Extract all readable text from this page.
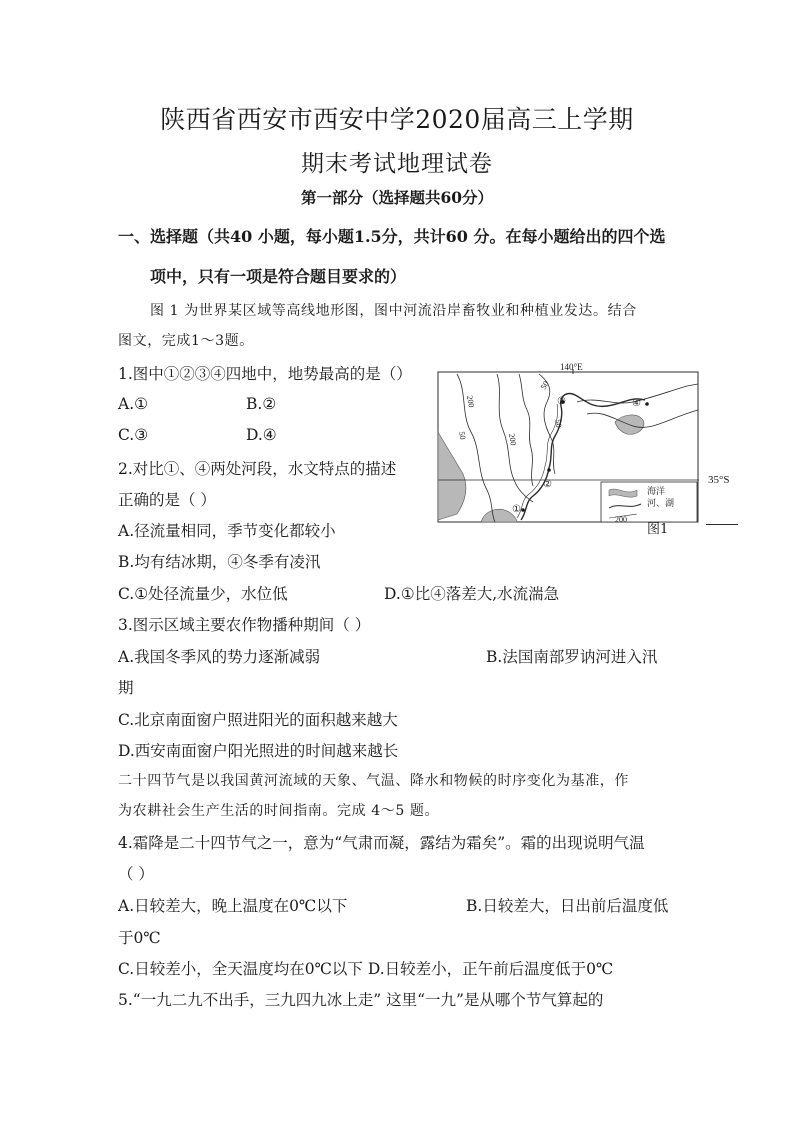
陕西省西安市西安中学2020届高三上学期
期末考试地理试卷
第一部分（选择题共60分）
一、选择题（共40 小题，每小题1.5分，共计60 分。在每小题给出的四个选
项中，只有一项是符合题目要求的）
图 1 为世界某区域等高线地形图，图中河流沿岸畜牧业和种植业发达。结合
图文，完成1～3题。
1.图中①②③④四地中，地势最高的是（）
A.①	B.②
C.③	D.④
2.对比①、④两处河段，水文特点的描述
正确的是（ ）
A.径流量相同，季节变化都较小
B.均有结冰期，④冬季有凌汛
C.①处径流量少，水位低	D.①比④落差大,水流湍急
3.图示区域主要农作物播种期间（ ）
A.我国冬季风的势力逐渐减弱	B.法国南部罗讷河进入汛
期
C.北京南面窗户照进阳光的面积越来越大
D.西安南面窗户阳光照进的时间越来越长
二十四节气是以我国黄河流域的天象、气温、降水和物候的时序变化为基准，作
为农耕社会生产生活的时间指南。完成 4～5 题。
4.霜降是二十四节气之一，意为“气肃而凝，露结为霜矣”。霜的出现说明气温
（ ）
A.日较差大，晚上温度在0℃以下	B.日较差大，日出前后温度低
于0℃
C.日较差小，全天温度均在0℃以下 D.日较差小，正午前后温度低于0℃
5.“一九二九不出手，三九四九冰上走” 这里“一九”是从哪个节气算起的
140°E
200
50	200
50
50
①
②
③	④
海洋
河、湖
200
35°S
图1
